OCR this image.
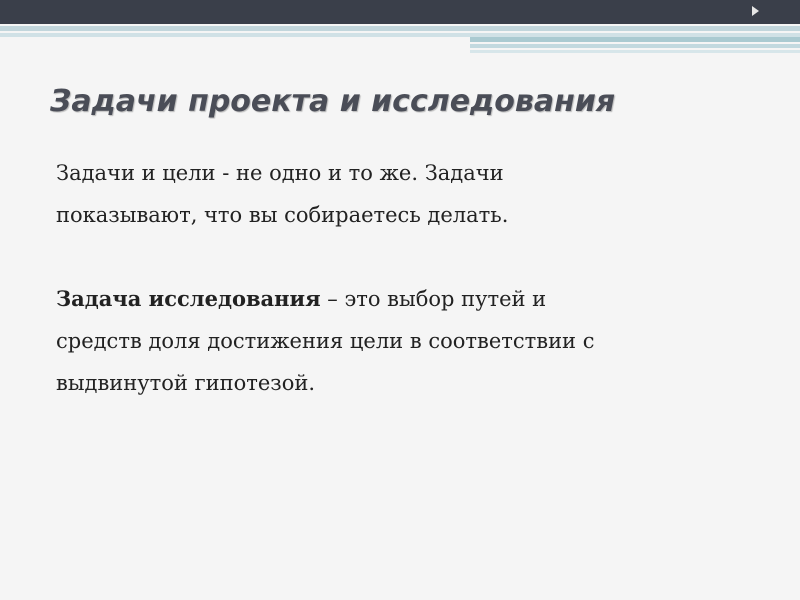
Задачи проекта и исследования

Задачи и цели - не одно и то же. Задачи

показывают, что вы собираетесь делать.

Задача исследования – это выбор путей и

средств доля достижения цели в соответствии с

выдвинутой гипотезой.
